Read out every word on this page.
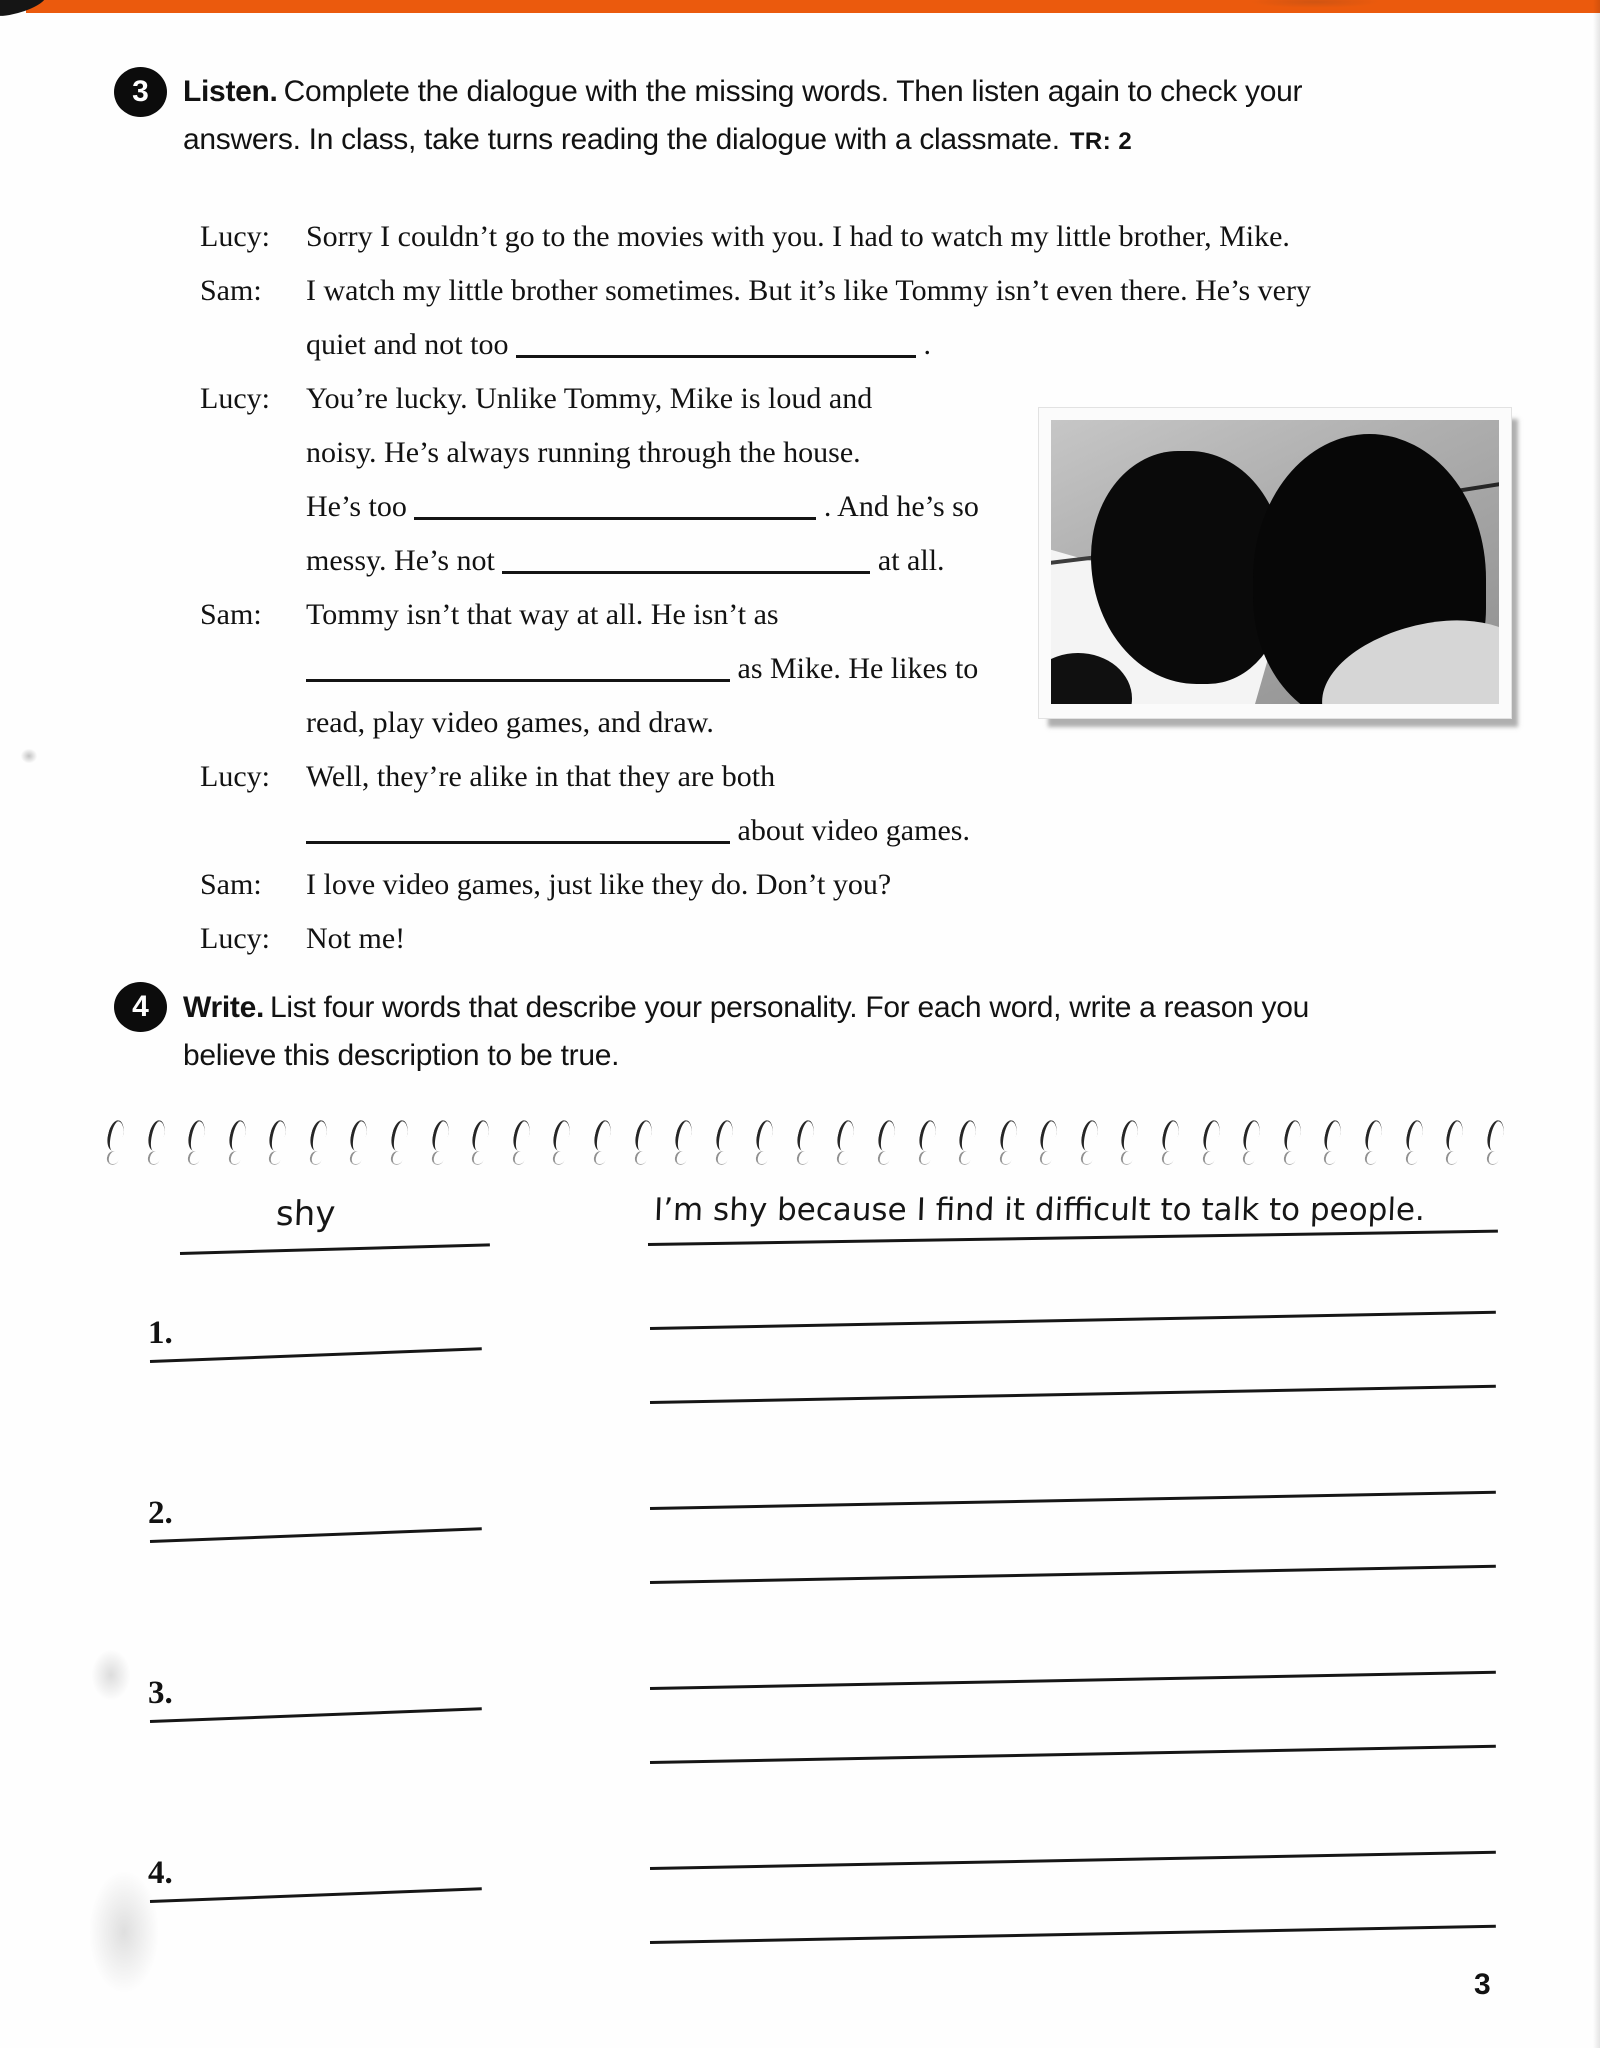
3 Listen. Complete the dialogue with the missing words. Then listen again to check your
answers. In class, take turns reading the dialogue with a classmate. TR: 2
Lucy:	Sorry I couldn’t go to the movies with you. I had to watch my little brother, Mike.
Sam:	I watch my little brother sometimes. But it’s like Tommy isn’t even there. He’s very
quiet and not too	.
Lucy:	You’re lucky. Unlike Tommy, Mike is loud and
noisy. He’s always running through the house.
He’s too	. And he’s so
messy. He’s not	at all.
Sam:	Tommy isn’t that way at all. He isn’t as
as Mike. He likes to
read, play video games, and draw.
Lucy:	Well, they’re alike in that they are both
about video games.
Sam:	I love video games, just like they do. Don’t you?
Lucy:	Not me!
4 Write. List four words that describe your personality. For each word, write a reason you
believe this description to be true.
shy	I’m shy because I find it difficult to talk to people.
1.
2.
3.
4.
3
